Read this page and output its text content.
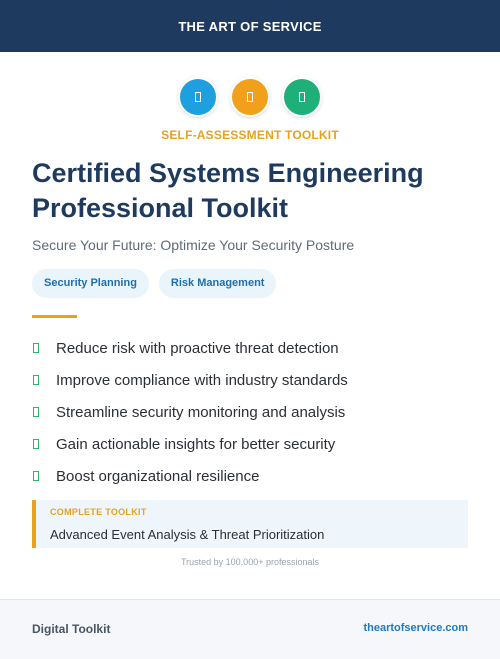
THE ART OF SERVICE
SELF-ASSESSMENT TOOLKIT
Certified Systems Engineering Professional Toolkit
Secure Your Future: Optimize Your Security Posture
Security Planning	Risk Management
Reduce risk with proactive threat detection
Improve compliance with industry standards
Streamline security monitoring and analysis
Gain actionable insights for better security
Boost organizational resilience
COMPLETE TOOLKIT
Advanced Event Analysis & Threat Prioritization
Trusted by 100,000+ professionals
Digital Toolkit	theartofservice.com
